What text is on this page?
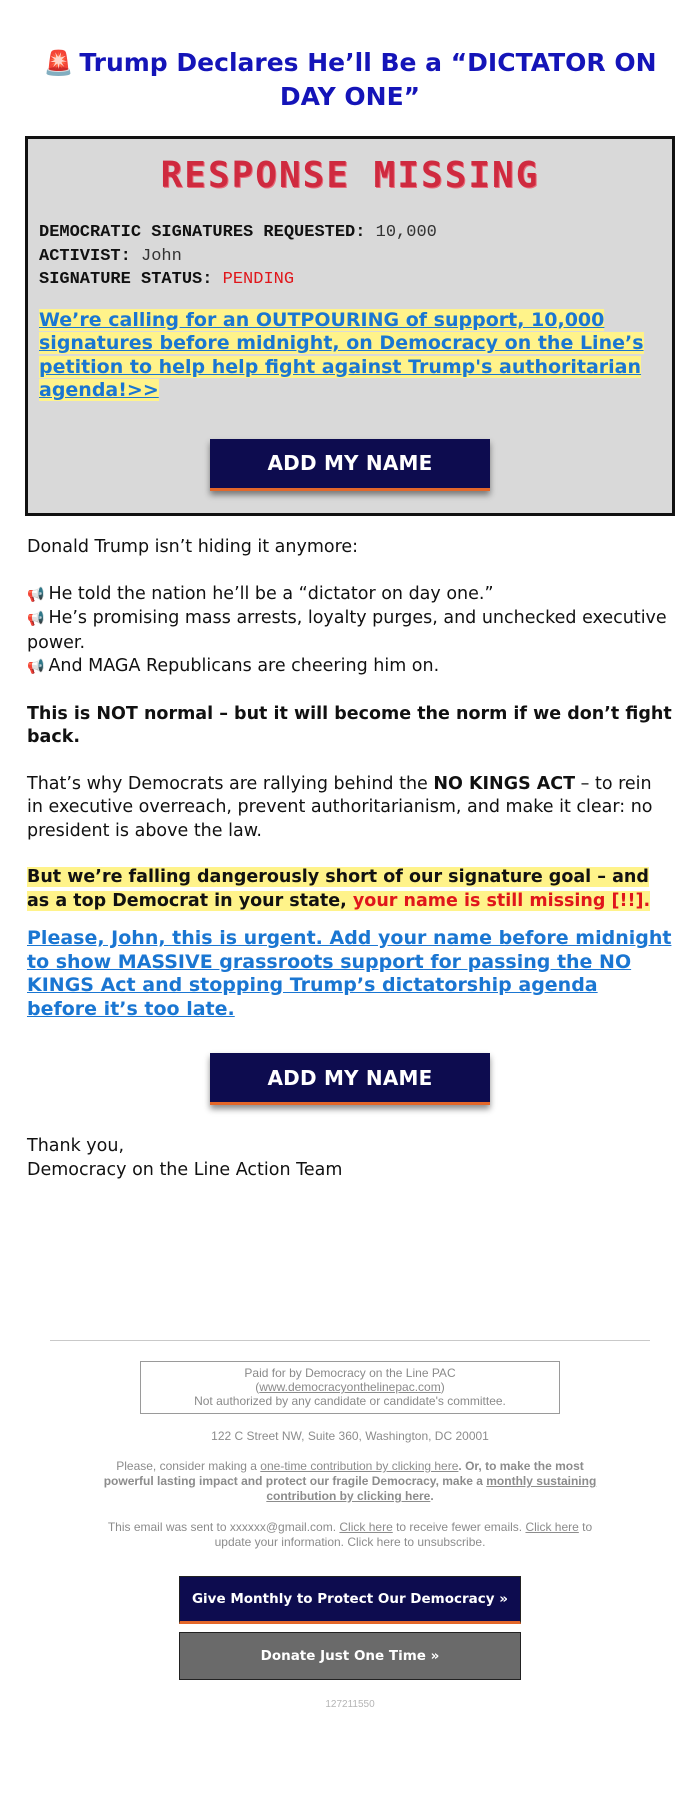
🚨 Trump Declares He’ll Be a “DICTATOR ON DAY ONE”
RESPONSE MISSING
DEMOCRATIC SIGNATURES REQUESTED: 10,000
ACTIVIST: John
SIGNATURE STATUS: PENDING
We’re calling for an OUTPOURING of support, 10,000 signatures before midnight, on Democracy on the Line’s petition to help help fight against Trump's authoritarian agenda!>>
ADD MY NAME
Donald Trump isn’t hiding it anymore:
📢 He told the nation he’ll be a “dictator on day one.”
📢 He’s promising mass arrests, loyalty purges, and unchecked executive power.
📢 And MAGA Republicans are cheering him on.
This is NOT normal – but it will become the norm if we don’t fight back.
That’s why Democrats are rallying behind the NO KINGS ACT – to rein in executive overreach, prevent authoritarianism, and make it clear: no president is above the law.
But we’re falling dangerously short of our signature goal – and as a top Democrat in your state, your name is still missing [!!].
Please, John, this is urgent. Add your name before midnight to show MASSIVE grassroots support for passing the NO KINGS Act and stopping Trump’s dictatorship agenda before it’s too late.
ADD MY NAME
Thank you,
Democracy on the Line Action Team
Paid for by Democracy on the Line PAC
(www.democracyonthelinepac.com)
Not authorized by any candidate or candidate's committee.
122 C Street NW, Suite 360, Washington, DC 20001
Please, consider making a one-time contribution by clicking here. Or, to make the most powerful lasting impact and protect our fragile Democracy, make a monthly sustaining contribution by clicking here.
This email was sent to xxxxxx@gmail.com. Click here to receive fewer emails. Click here to update your information. Click here to unsubscribe.
Give Monthly to Protect Our Democracy »
Donate Just One Time »
127211550
